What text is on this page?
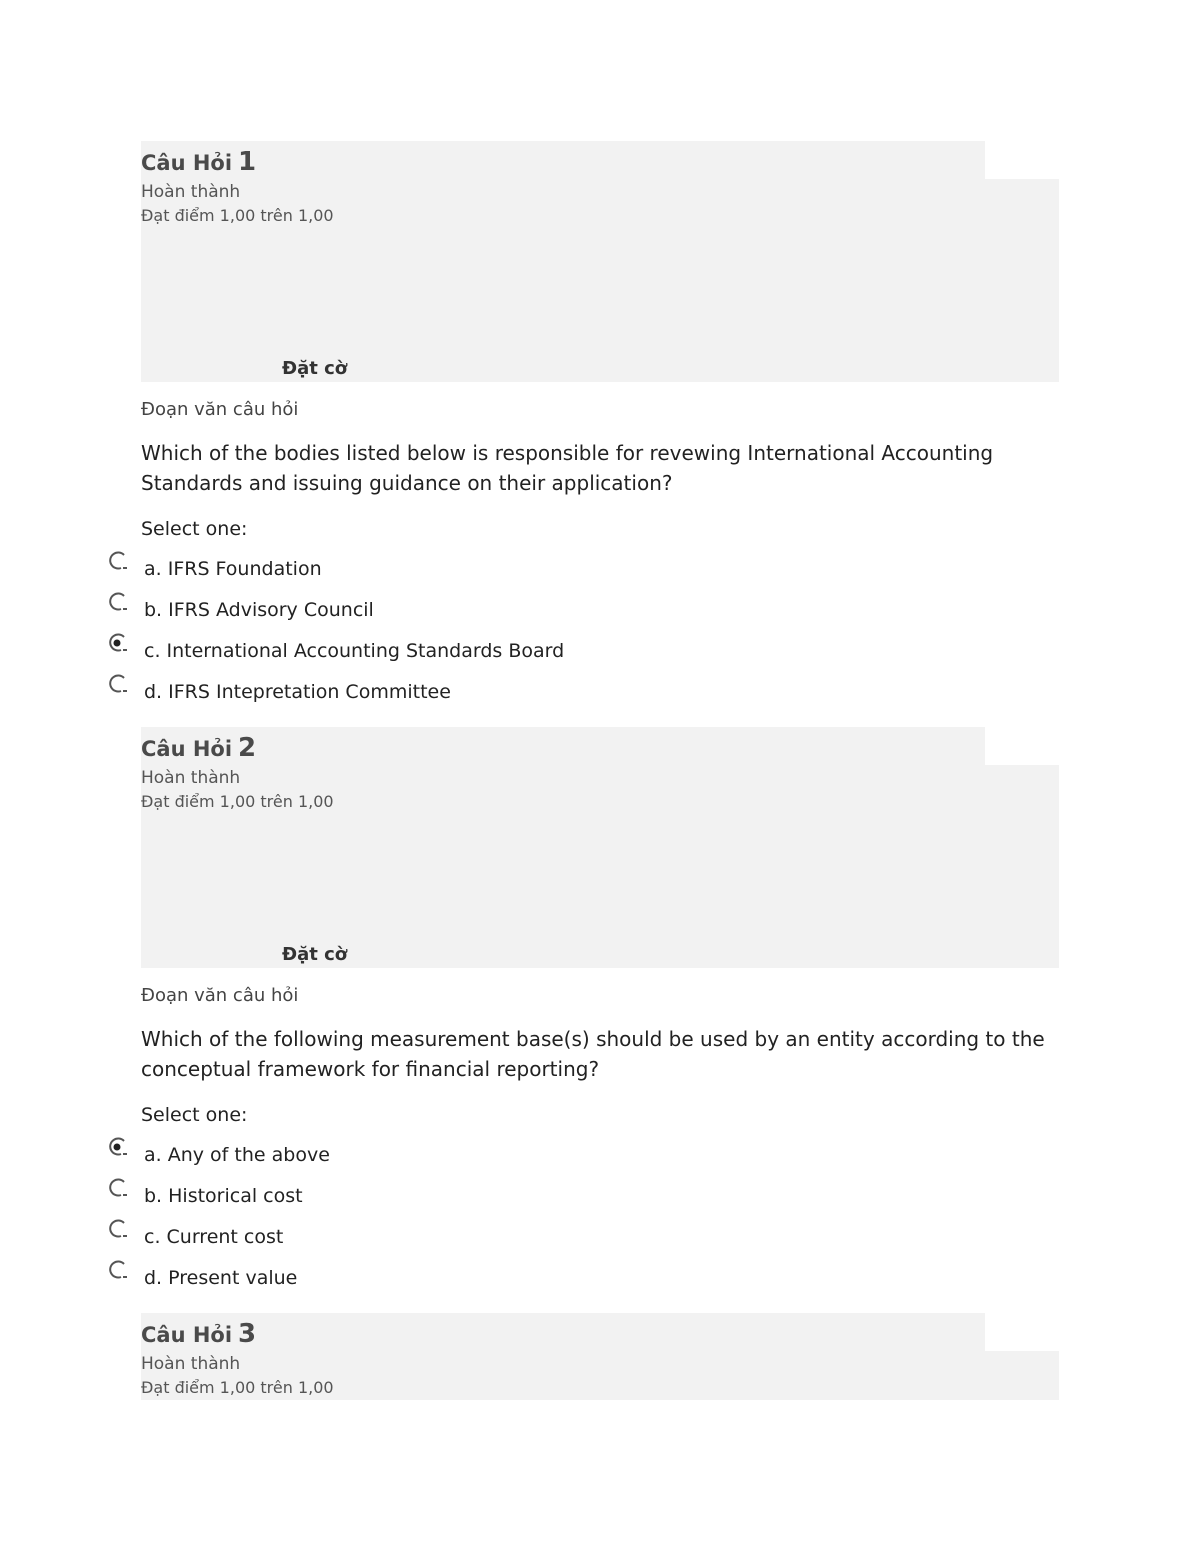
Câu Hỏi 1
Hoàn thành
Đạt điểm 1,00 trên 1,00
Đặt cờ
Đoạn văn câu hỏi
Which of the bodies listed below is responsible for revewing International Accounting Standards and issuing guidance on their application?
Select one:
a. IFRS Foundation
b. IFRS Advisory Council
c. International Accounting Standards Board
d. IFRS Intepretation Committee
Câu Hỏi 2
Hoàn thành
Đạt điểm 1,00 trên 1,00
Đặt cờ
Đoạn văn câu hỏi
Which of the following measurement base(s) should be used by an entity according to the conceptual framework for financial reporting?
Select one:
a. Any of the above
b. Historical cost
c. Current cost
d. Present value
Câu Hỏi 3
Hoàn thành
Đạt điểm 1,00 trên 1,00
